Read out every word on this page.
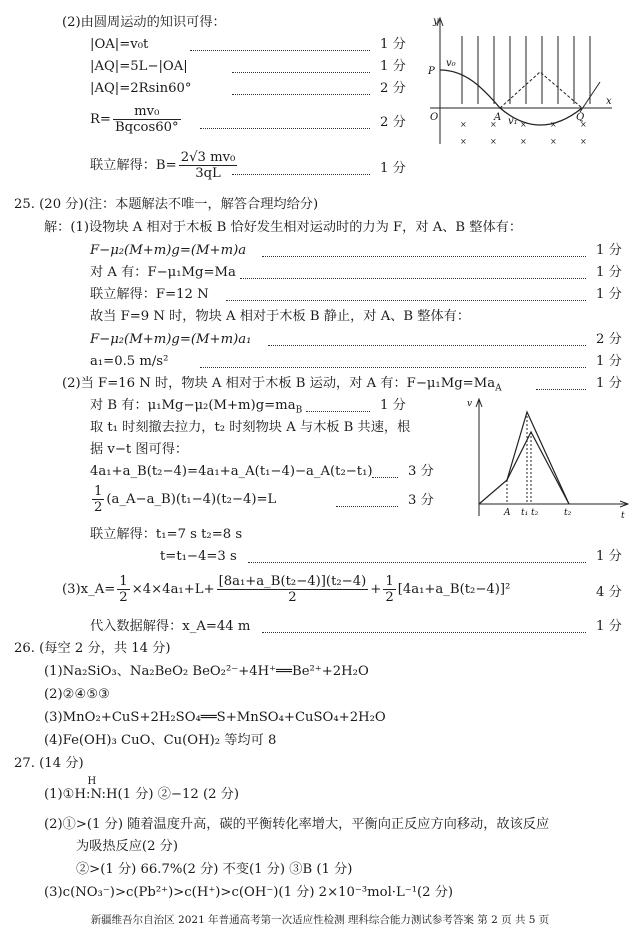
(2)由圆周运动的知识可得：
|OA|=v₀t	1 分
|AQ|=5L−|OA|	1 分
|AQ|=2Rsin60°	2 分
$R= \frac{\text{mv₀}}{Bqcos60^\circ}$	2 分
联立解得：$B= \frac{\text{2√3 mv₀}}{3qL}$	1 分
×	×	×	×	×
×	×	×	×	×
y
P
v₀
O	A	Q
x
v₁
25. (20 分)(注：本题解法不唯一，解答合理均给分)
解：(1)设物块 A 相对于木板 B 恰好发生相对运动时的力为 F，对 A、B 整体有：
F−μ₂(M+m)g=(M+m)a	1 分
对 A 有：F−μ₁Mg=Ma	1 分
联立解得：F=12 N	1 分
故当 F=9 N 时，物块 A 相对于木板 B 静止，对 A、B 整体有：
F−μ₂(M+m)g=(M+m)a₁	2 分
a₁=0.5 m/s²	1 分
(2)当 F=16 N 时，物块 A 相对于木板 B 运动，对 A 有：$F-\mu_1Mg=Ma_A$	1 分
对 B 有：$\mu_1Mg-\mu_2(M+m)g=ma_B$	1 分
取 t₁ 时刻撤去拉力，t₂ 时刻物块 A 与木板 B 共速，根
据 v−t 图可得：
4a₁+a_B(t₂−4)=4a₁+a_A(t₁−4)−a_A(t₂−t₁)	3 分
$\frac{1}{2}$ (a_A−a_B)(t₁−4)(t₂−4)=L	3 分
联立解得：t₁=7 s t₂=8 s
t=t₁−4=3 s	1 分
v
t
A t₁ t₂	t₂
(3)x_A= $\frac{1}{2} \times 4\times 4a_1+L+ \frac{\text{[8a₁+a\_B(t₂−4)](t₂−4)}}{2} + \frac{1}{2}$ [4a₁+a_B(t₂−4)]²	4 分
代入数据解得：x_A=44 m	1 分
26. (每空 2 分，共 14 分)
(1)Na₂SiO₃、Na₂BeO₂ BeO₂²⁻+4H⁺══Be²⁺+2H₂O
(2)②④⑤③
(3)MnO₂+CuS+2H₂SO₄══S+MnSO₄+CuSO₄+2H₂O
(4)Fe(OH)₃ CuO、Cu(OH)₂ 等均可 8
27. (14 分)
(1)①
H
H:N:H(1 分) ②−12 (2 分)
(2)①>(1 分) 随着温度升高，碳的平衡转化率增大，平衡向正反应方向移动，故该反应
为吸热反应(2 分)
②>(1 分) 66.7%(2 分) 不变(1 分) ③B (1 分)
(3)c(NO₃⁻)>c(Pb²⁺)>c(H⁺)>c(OH⁻)(1 分) 2×10⁻³mol·L⁻¹(2 分)
新疆维吾尔自治区 2021 年普通高考第一次适应性检测 理科综合能力测试参考答案 第 2 页 共 5 页
